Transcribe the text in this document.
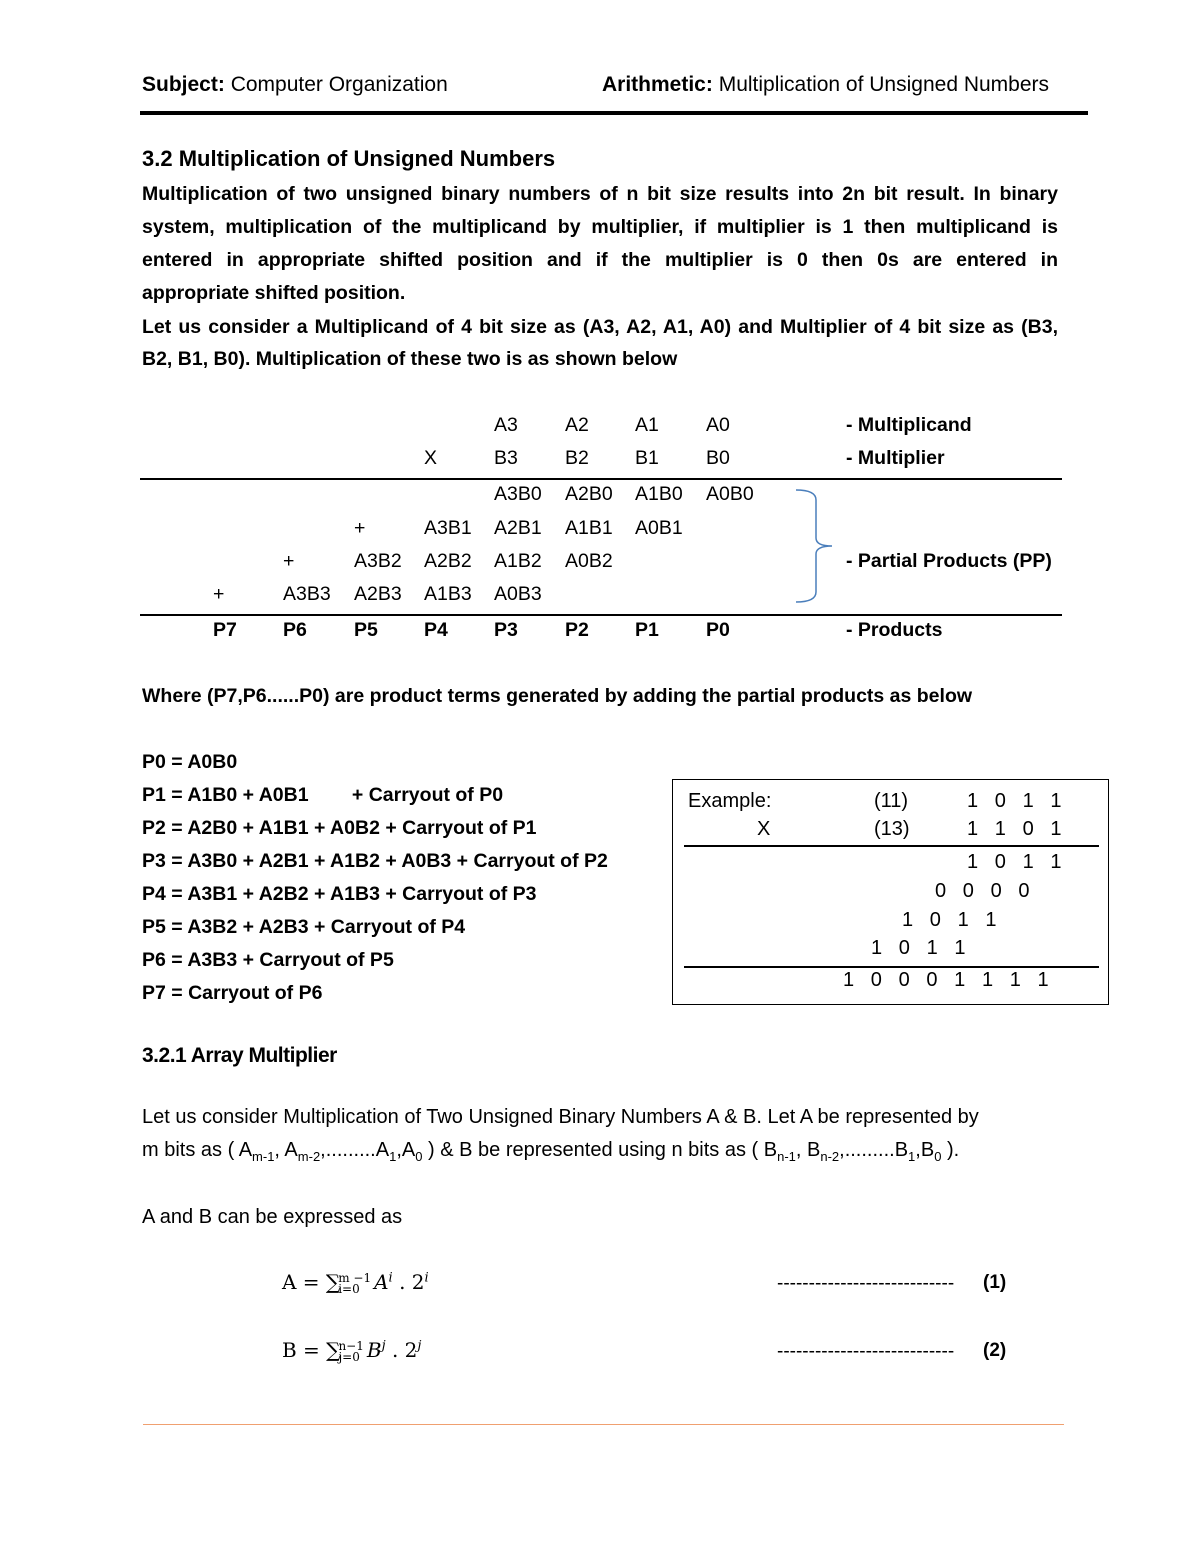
Subject: Computer Organization	Arithmetic: Multiplication of Unsigned Numbers
3.2 Multiplication of Unsigned Numbers
Multiplication of two unsigned binary numbers of n bit size results into 2n bit result. In binary
system, multiplication of the multiplicand by multiplier, if multiplier is 1 then multiplicand is
entered in appropriate shifted position and if the multiplier is 0 then 0s are entered in
appropriate shifted position.
Let us consider a Multiplicand of 4 bit size as (A3, A2, A1, A0) and Multiplier of 4 bit size as (B3,
B2, B1, B0). Multiplication of these two is as shown below
A3 A2 A1 A0	- Multiplicand
X	B3 B2 B1 B0	- Multiplier
A3B0 A2B0 A1B0 A0B0
+	A3B1 A2B1 A1B1 A0B1
+	A3B2 A2B2 A1B2 A0B2	- Partial Products (PP)
+	A3B3 A2B3 A1B3 A0B3
P7 P6 P5 P4 P3 P2 P1 P0	- Products
Where (P7,P6......P0) are product terms generated by adding the partial products as below
P0 = A0B0
P1 = A1B0 + A0B1        + Carryout of P0
P2 = A2B0 + A1B1 + A0B2 + Carryout of P1
P3 = A3B0 + A2B1 + A1B2 + A0B3 + Carryout of P2
P4 = A3B1 + A2B2 + A1B3 + Carryout of P3
P5 = A3B2 + A2B3 + Carryout of P4
P6 = A3B3 + Carryout of P5
P7 = Carryout of P6
Example:	(11)	1   0   1   1
X	(13)	1   1   0   1
1   0   1   1
0   0   0   0
1   0   1   1
1   0   1   1
1   0   0   0   1   1   1   1
3.2.1 Array Multiplier
Let us consider Multiplication of Two Unsigned Binary Numbers A & B. Let A be represented by
m bits as ( $A_{m-1}$, $A_{m-2},.........A_1,A_0$ ) & B be represented using n bits as ( $B_{n-1}$, $B_{n-2},.........B_1,B_0$ ).
A and B can be expressed as
A = ∑
m −1
i=0 $A^i$ . 2$^i$
B = ∑
n−1
j=0 $B^j$ . 2$^j$
---------------------------- (1)
---------------------------- (2)
